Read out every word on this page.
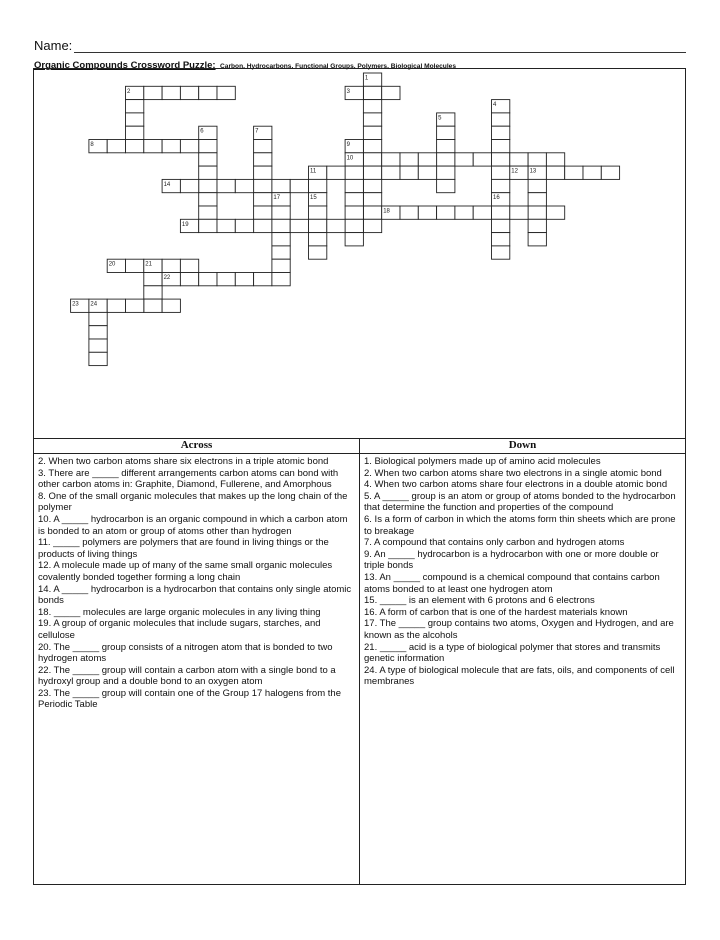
Name:
Organic Compounds Crossword Puzzle: Carbon, Hydrocarbons, Functional Groups, Polymers, Biological Molecules
1
2	3
4
5
6	7
8	9
10
11	12 13
14
15	16
17
18
19
20	21
22
23 24
Across

2. When two carbon atoms share six electrons in a triple atomic bond

3. There are _____ different arrangements carbon atoms can bond with other carbon atoms in: Graphite, Diamond, Fullerene, and Amorphous

8. One of the small organic molecules that makes up the long chain of the polymer

10. A _____ hydrocarbon is an organic compound in which a carbon atom is bonded to an atom or group of atoms other than hydrogen

11. _____ polymers are polymers that are found in living things or the products of living things

12. A molecule made up of many of the same small organic molecules covalently bonded together forming a long chain

14. A _____ hydrocarbon is a hydrocarbon that contains only single atomic bonds

18. _____ molecules are large organic molecules in any living thing

19. A group of organic molecules that include sugars, starches, and cellulose

20. The _____ group consists of a nitrogen atom that is bonded to two hydrogen atoms

22. The _____ group will contain a carbon atom with a single bond to a hydroxyl group and a double bond to an oxygen atom

23. The _____ group will contain one of the Group 17 halogens from the Periodic Table

Down

1. Biological polymers made up of amino acid molecules

2. When two carbon atoms share two electrons in a single atomic bond

4. When two carbon atoms share four electrons in a double atomic bond

5. A _____ group is an atom or group of atoms bonded to the hydrocarbon that determine the function and properties of the compound

6. Is a form of carbon in which the atoms form thin sheets which are prone to breakage

7. A compound that contains only carbon and hydrogen atoms

9. An _____ hydrocarbon is a hydrocarbon with one or more double or triple bonds

13. An _____ compound is a chemical compound that contains carbon atoms bonded to at least one hydrogen atom

15. _____ is an element with 6 protons and 6 electrons

16. A form of carbon that is one of the hardest materials known

17. The _____ group contains two atoms, Oxygen and Hydrogen, and are known as the alcohols

21. _____ acid is a type of biological polymer that stores and transmits genetic information

24. A type of biological molecule that are fats, oils, and components of cell membranes
